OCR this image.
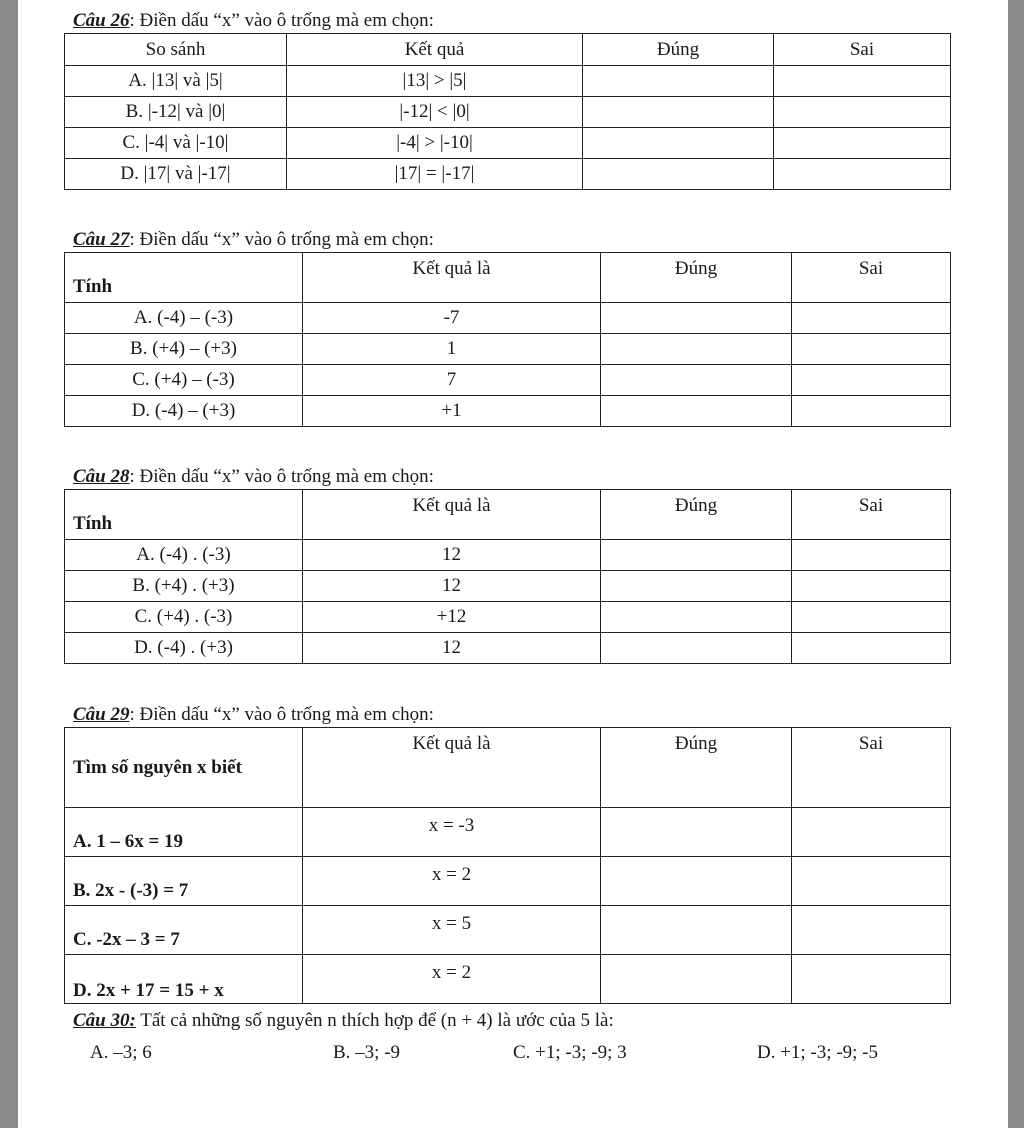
Câu 26: Điền dấu “x” vào ô trống mà em chọn:
So sánh	Kết quả	Đúng	Sai
A. |13| và |5|	|13| > |5|		
B. |-12| và |0|	|-12| < |0|		
C. |-4| và |-10|	|-4| > |-10|		
D. |17| và |-17|	|17| = |-17|		
Câu 27: Điền dấu “x” vào ô trống mà em chọn:
Tính	Kết quả là	Đúng	Sai
A. (-4) – (-3)	-7		
B. (+4) – (+3)	1		
C. (+4) – (-3)	7		
D. (-4) – (+3)	+1		
Câu 28: Điền dấu “x” vào ô trống mà em chọn:
Tính	Kết quả là	Đúng	Sai
A. (-4) . (-3)	12		
B. (+4) . (+3)	12		
C. (+4) . (-3)	+12		
D. (-4) . (+3)	12		
Câu 29: Điền dấu “x” vào ô trống mà em chọn:
Tìm số nguyên x biết	Kết quả là	Đúng	Sai
A. 1 – 6x = 19	x = -3		
B. 2x - (-3) = 7	x = 2		
C. -2x – 3 = 7	x = 5		
D. 2x + 17 = 15 + x	x = 2		
Câu 30: Tất cả những số nguyên n thích hợp để (n + 4) là ước của 5 là:
A. –3; 6	B. –3; -9	C. +1; -3; -9; 3	D. +1; -3; -9; -5
